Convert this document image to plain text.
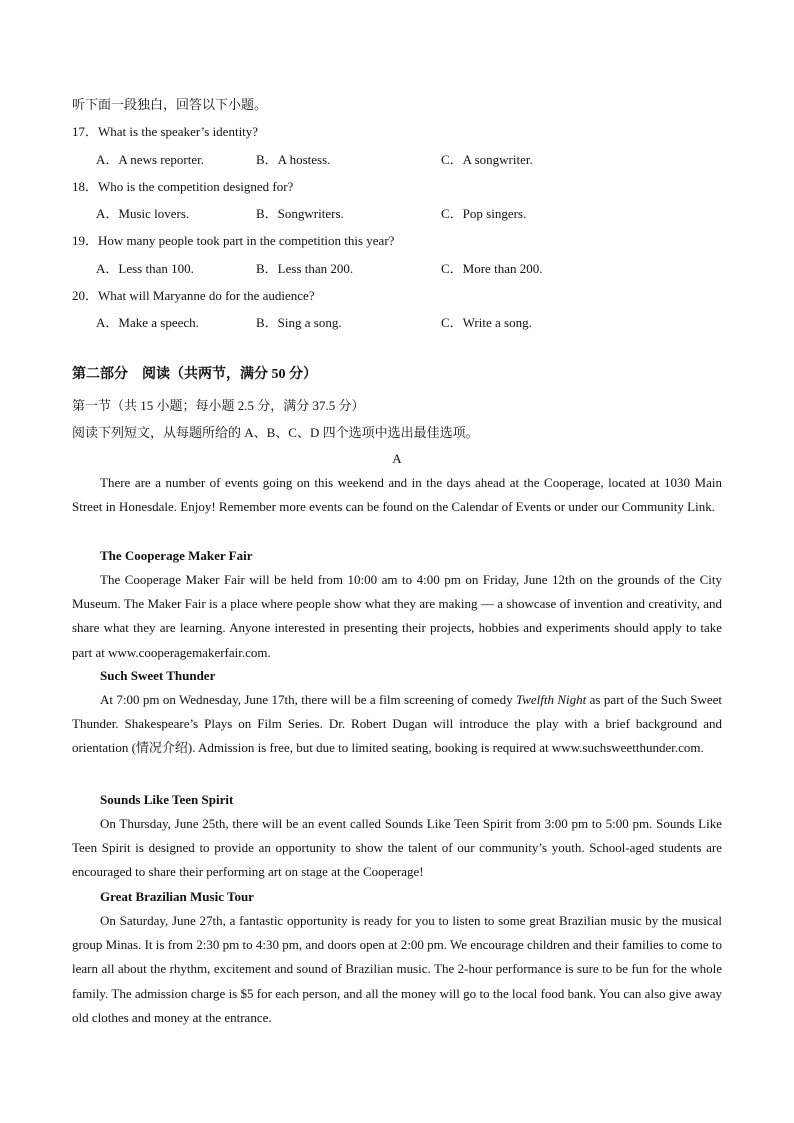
听下面一段独白，回答以下小题。
17．What is the speaker’s identity?
A．A news reporter.	B．A hostess.	C．A songwriter.
18．Who is the competition designed for?
A．Music lovers.	B．Songwriters.	C．Pop singers.
19．How many people took part in the competition this year?
A．Less than 100.	B．Less than 200.	C．More than 200.
20．What will Maryanne do for the audience?
A．Make a speech.	B．Sing a song.	C．Write a song.
第二部分　阅读（共两节，满分 50 分）
第一节（共 15 小题；每小题 2.5 分，满分 37.5 分）
阅读下列短文，从每题所给的 A、B、C、D 四个选项中选出最佳选项。
A
There are a number of events going on this weekend and in the days ahead at the Cooperage, located at 1030 Main Street in Honesdale. Enjoy! Remember more events can be found on the Calendar of Events or under our Community Link.
The Cooperage Maker Fair
The Cooperage Maker Fair will be held from 10:00 am to 4:00 pm on Friday, June 12th on the grounds of the City Museum. The Maker Fair is a place where people show what they are making — a showcase of invention and creativity, and share what they are learning. Anyone interested in presenting their projects, hobbies and experiments should apply to take part at www.cooperagemakerfair.com.
Such Sweet Thunder
At 7:00 pm on Wednesday, June 17th, there will be a film screening of comedy Twelfth Night as part of the Such Sweet Thunder. Shakespeare’s Plays on Film Series. Dr. Robert Dugan will introduce the play with a brief background and orientation (情况介绍). Admission is free, but due to limited seating, booking is required at www.suchsweetthunder.com.
Sounds Like Teen Spirit
On Thursday, June 25th, there will be an event called Sounds Like Teen Spirit from 3:00 pm to 5:00 pm. Sounds Like Teen Spirit is designed to provide an opportunity to show the talent of our community’s youth. School-aged students are encouraged to share their performing art on stage at the Cooperage!
Great Brazilian Music Tour
On Saturday, June 27th, a fantastic opportunity is ready for you to listen to some great Brazilian music by the musical group Minas. It is from 2:30 pm to 4:30 pm, and doors open at 2:00 pm. We encourage children and their families to come to learn all about the rhythm, excitement and sound of Brazilian music. The 2-hour performance is sure to be fun for the whole family. The admission charge is $5 for each person, and all the money will go to the local food bank. You can also give away old clothes and money at the entrance.
